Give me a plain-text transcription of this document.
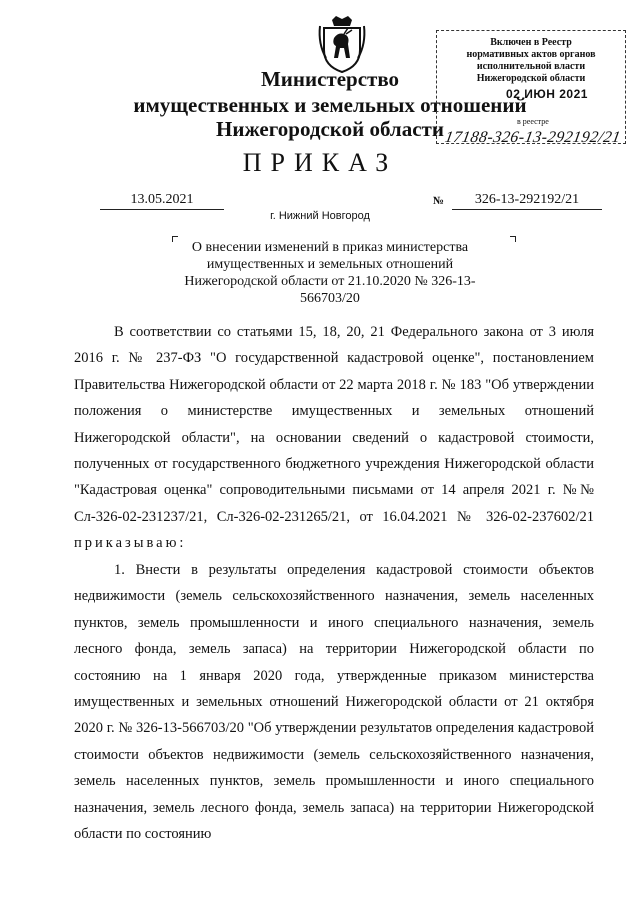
Министерство
имущественных и земельных отношений
Нижегородской области
Включен в Реестр
нормативных актов органов
исполнительной власти
Нижегородской области
02 ИЮН 2021
в реестре
17188-326-13-292192/21
ПРИКАЗ
13.05.2021	№	326-13-292192/21
г. Нижний Новгород
О внесении изменений в приказ министерства имущественных и земельных отношений Нижегородской области от 21.10.2020 № 326-13-566703/20
В соответствии со статьями 15, 18, 20, 21 Федерального закона от 3 июля 2016 г. № 237-ФЗ "О государственной кадастровой оценке", постановлением Правительства Нижегородской области от 22 марта 2018 г. № 183 "Об утверждении положения о министерстве имущественных и земельных отношений Нижегородской области", на основании сведений о кадастровой стоимости, полученных от государственного бюджетного учреждения Нижегородской области "Кадастровая оценка" сопроводительными письмами от 14 апреля 2021 г. №№ Сл-326-02-231237/21, Сл-326-02-231265/21, от 16.04.2021 № 326-02-237602/21 приказываю:
1. Внести в результаты определения кадастровой стоимости объектов недвижимости (земель сельскохозяйственного назначения, земель населенных пунктов, земель промышленности и иного специального назначения, земель лесного фонда, земель запаса) на территории Нижегородской области по состоянию на 1 января 2020 года, утвержденные приказом министерства имущественных и земельных отношений Нижегородской области от 21 октября 2020 г. № 326-13-566703/20 "Об утверждении результатов определения кадастровой стоимости объектов недвижимости (земель сельскохозяйственного назначения, земель населенных пунктов, земель промышленности и иного специального назначения, земель лесного фонда, земель запаса) на территории Нижегородской области по состоянию
